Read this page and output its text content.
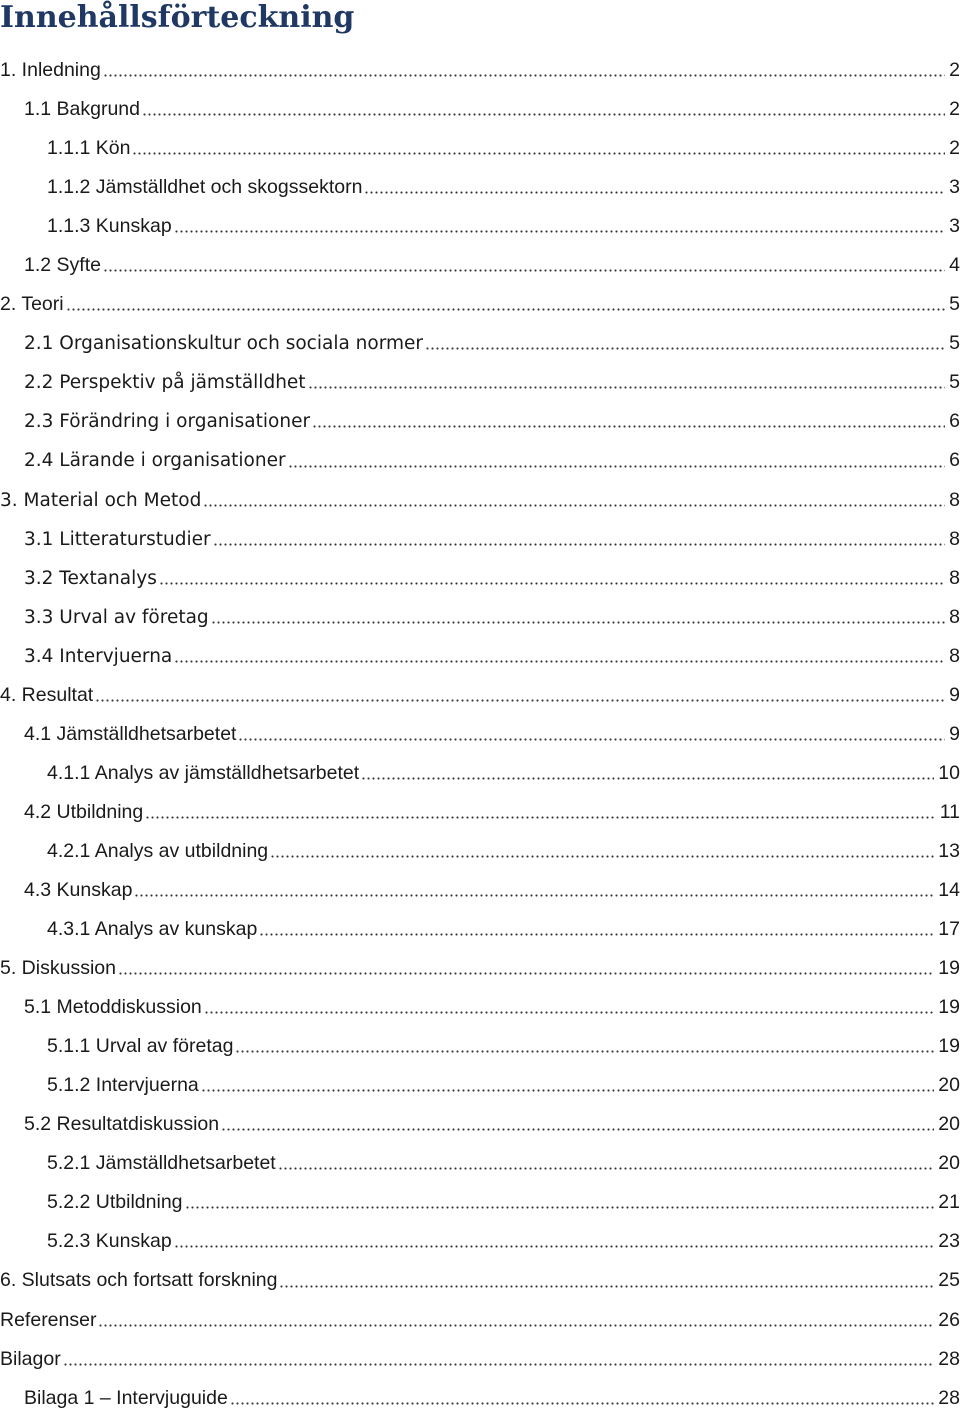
Innehållsförteckning
1. Inledning	2
1.1 Bakgrund	2
1.1.1 Kön	2
1.1.2 Jämställdhet och skogssektorn	3
1.1.3 Kunskap	3
1.2 Syfte	4
2. Teori	5
2.1 Organisationskultur och sociala normer	5
2.2 Perspektiv på jämställdhet	5
2.3 Förändring i organisationer	6
2.4 Lärande i organisationer	6
3. Material och Metod	8
3.1 Litteraturstudier	8
3.2 Textanalys	8
3.3 Urval av företag	8
3.4 Intervjuerna	8
4. Resultat	9
4.1 Jämställdhetsarbetet	9
4.1.1 Analys av jämställdhetsarbetet	10
4.2 Utbildning	11
4.2.1 Analys av utbildning	13
4.3 Kunskap	14
4.3.1 Analys av kunskap	17
5. Diskussion	19
5.1 Metoddiskussion	19
5.1.1 Urval av företag	19
5.1.2 Intervjuerna	20
5.2 Resultatdiskussion	20
5.2.1 Jämställdhetsarbetet	20
5.2.2 Utbildning	21
5.2.3 Kunskap	23
6. Slutsats och fortsatt forskning	25
Referenser	26
Bilagor	28
Bilaga 1 – Intervjuguide	28
